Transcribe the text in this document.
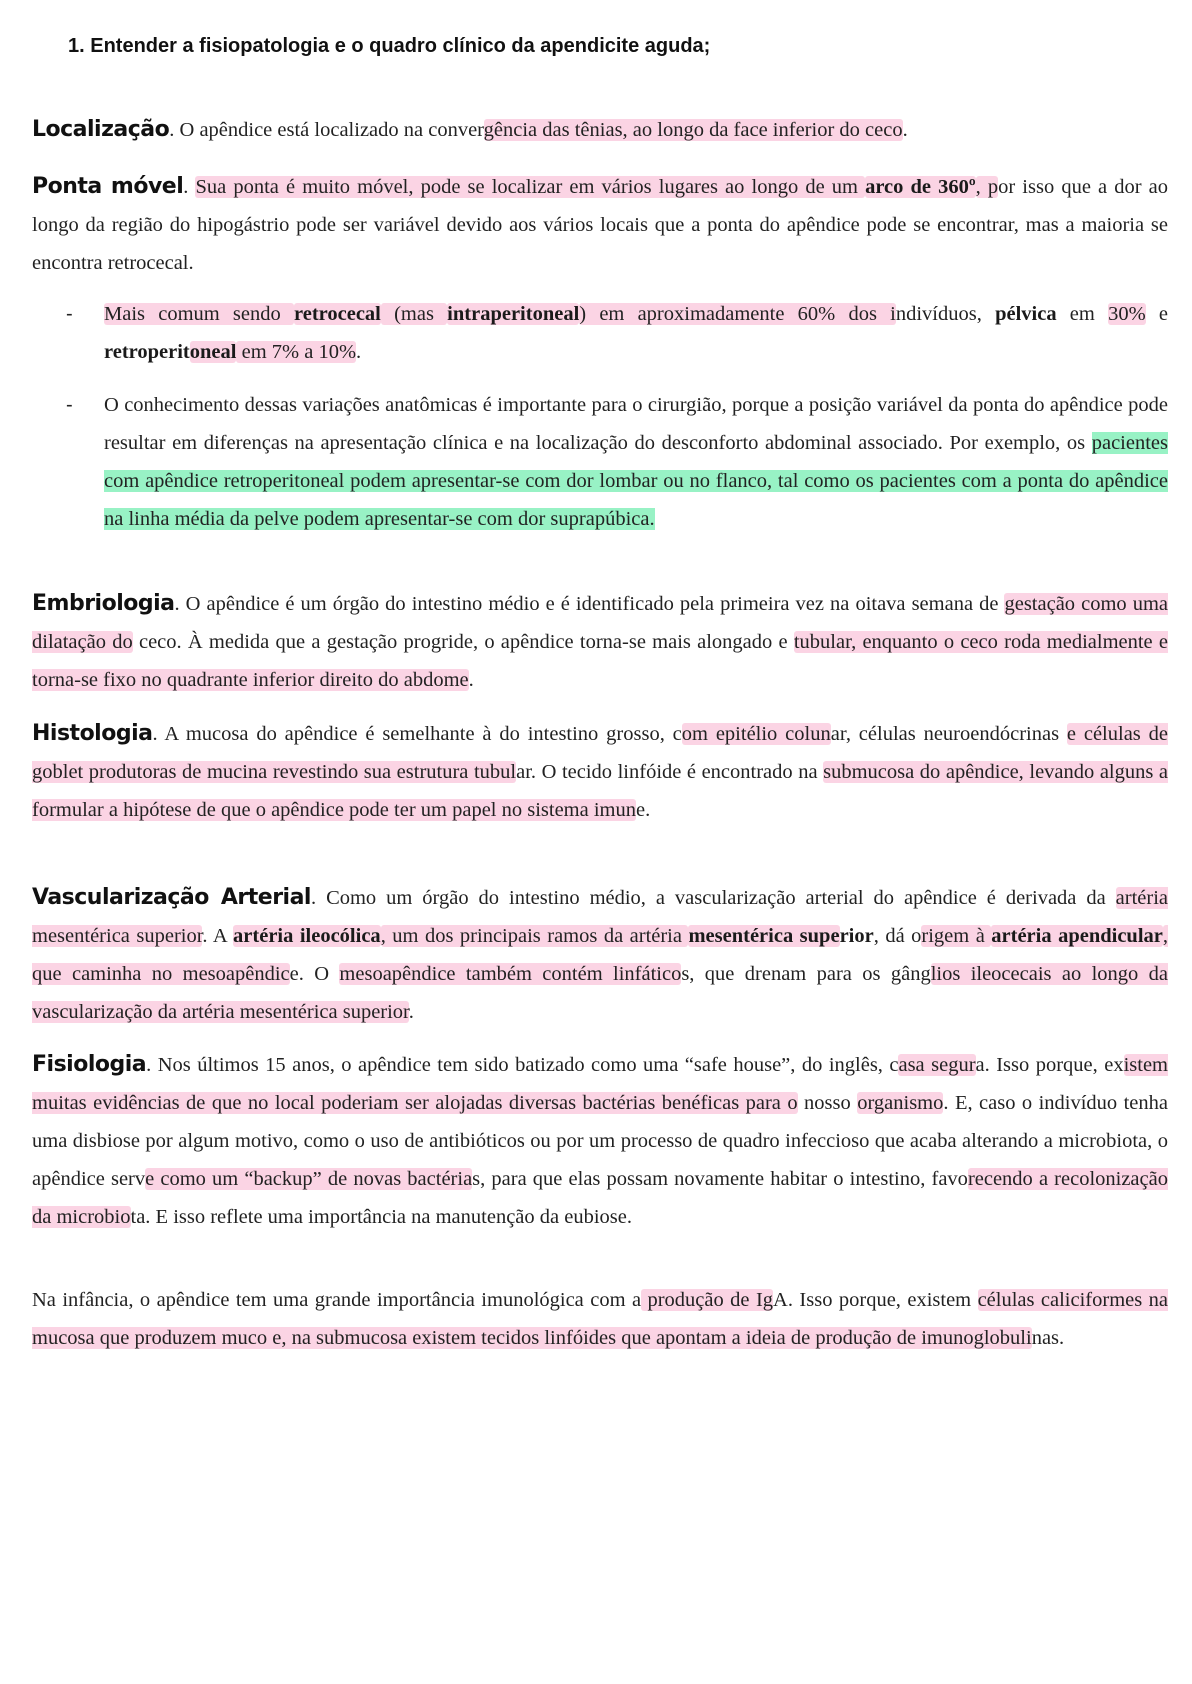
1. Entender a fisiopatologia e o quadro clínico da apendicite aguda;
Localização. O apêndice está localizado na convergência das tênias, ao longo da face inferior do ceco.
Ponta móvel. Sua ponta é muito móvel, pode se localizar em vários lugares ao longo de um arco de 360º, por isso que a dor ao longo da região do hipogástrio pode ser variável devido aos vários locais que a ponta do apêndice pode se encontrar, mas a maioria se encontra retrocecal.
- Mais comum sendo retrocecal (mas intraperitoneal) em aproximadamente 60% dos indivíduos, pélvica em 30% e retroperitoneal em 7% a 10%.
- O conhecimento dessas variações anatômicas é importante para o cirurgião, porque a posição variável da ponta do apêndice pode resultar em diferenças na apresentação clínica e na localização do desconforto abdominal associado. Por exemplo, os pacientes com apêndice retroperitoneal podem apresentar-se com dor lombar ou no flanco, tal como os pacientes com a ponta do apêndice na linha média da pelve podem apresentar-se com dor suprapúbica.
Embriologia. O apêndice é um órgão do intestino médio e é identificado pela primeira vez na oitava semana de gestação como uma dilatação do ceco. À medida que a gestação progride, o apêndice torna-se mais alongado e tubular, enquanto o ceco roda medialmente e torna-se fixo no quadrante inferior direito do abdome.
Histologia. A mucosa do apêndice é semelhante à do intestino grosso, com epitélio colunar, células neuroendócrinas e células de goblet produtoras de mucina revestindo sua estrutura tubular. O tecido linfóide é encontrado na submucosa do apêndice, levando alguns a formular a hipótese de que o apêndice pode ter um papel no sistema imune.
Vascularização Arterial. Como um órgão do intestino médio, a vascularização arterial do apêndice é derivada da artéria mesentérica superior. A artéria ileocólica, um dos principais ramos da artéria mesentérica superior, dá origem à artéria apendicular, que caminha no mesoapêndice. O mesoapêndice também contém linfáticos, que drenam para os gânglios ileocecais ao longo da vascularização da artéria mesentérica superior.
Fisiologia. Nos últimos 15 anos, o apêndice tem sido batizado como uma “safe house”, do inglês, casa segura. Isso porque, existem muitas evidências de que no local poderiam ser alojadas diversas bactérias benéficas para o nosso organismo. E, caso o indivíduo tenha uma disbiose por algum motivo, como o uso de antibióticos ou por um processo de quadro infeccioso que acaba alterando a microbiota, o apêndice serve como um “backup” de novas bactérias, para que elas possam novamente habitar o intestino, favorecendo a recolonização da microbiota. E isso reflete uma importância na manutenção da eubiose.
Na infância, o apêndice tem uma grande importância imunológica com a produção de IgA. Isso porque, existem células caliciformes na mucosa que produzem muco e, na submucosa existem tecidos linfóides que apontam a ideia de produção de imunoglobulinas.
